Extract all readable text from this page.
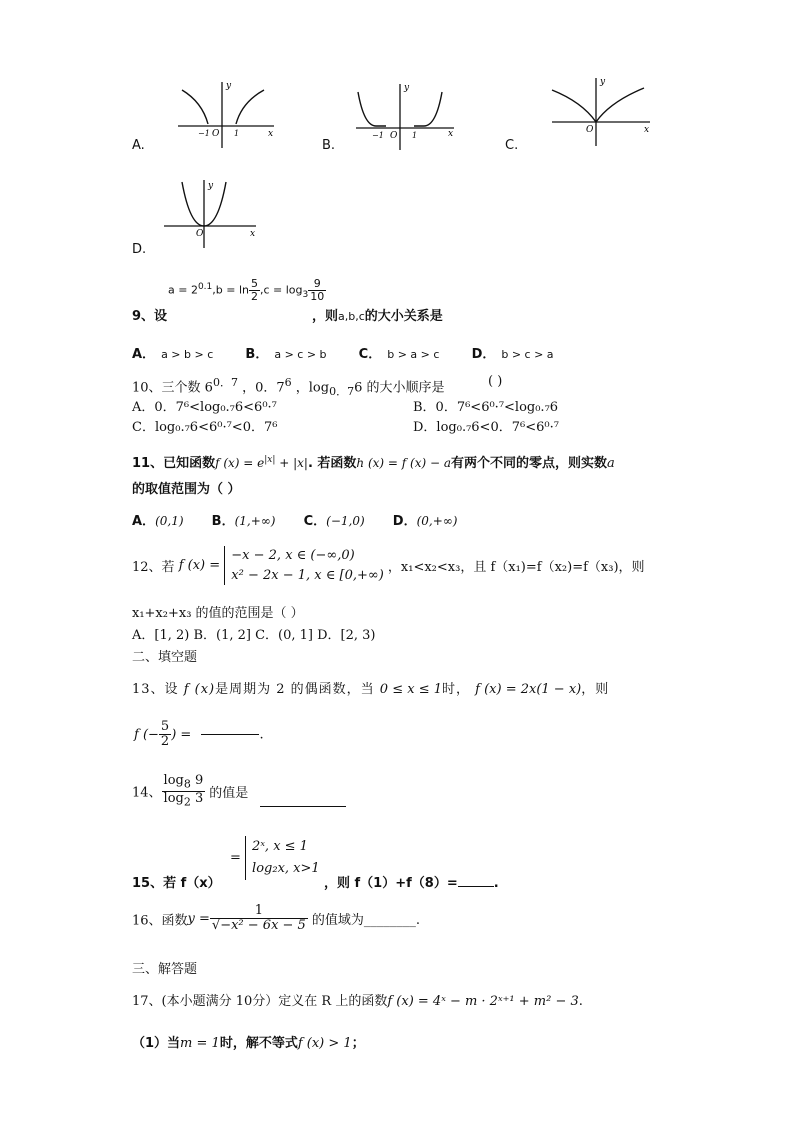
y
x
O
−1	1
A.
y
x
O
−1	1
B.
y
x
O
C.
y
x
O
D.
9、设
$a = 2^{0.1},b = \ln \frac{5}{2} ,c = \log_3 \frac{9}{10}$
，则a,b,c的大小关系是
A． a > b > c B． a > c > b C． b > a > c D． b > c > a
10、三个数 $6^{0.7}$ ，0．$7^6$ ，$\log_{0.7}6$ 的大小顺序是	( )
A．0．7⁶<log₀.₇6<6⁰·⁷	B．0．7⁶<6⁰·⁷<log₀.₇6
C．log₀.₇6<6⁰·⁷<0．7⁶	D．log₀.₇6<0．7⁶<6⁰·⁷
11、已知函数f $(x) = e^{|x|} + |x|$. 若函数h (x) = f (x) − a有两个不同的零点，则实数a
的取值范围为（ ）
A．(0,1) B．(1,+∞) C．(−1,0) D．(0,+∞)
12、若 f (x) =
−x − 2, x ∈ (−∞,0)
x² − 2x − 1, x ∈ [0,+∞) ，x₁<x₂<x₃，且 f（x₁)=f（x₂)=f（x₃)，则
x₁+x₂+x₃ 的值的范围是（ ）
A．[1, 2) B．(1, 2] C．(0, 1] D．[2, 3)
二、填空题
13、设 f (x)是周期为 2 的偶函数，当 0 ≤ x ≤ 1时， f (x) = 2x(1 − x)，则
f (− $\frac{5}{2}$ ) =	.
14、 $\frac{\log_8 9}{\log_2 3}$ 的值是
=
2ˣ, x ≤ 1
log₂x, x>1
15、若 f（x）	，则 f（1）+f（8）=	.
16、函数$y = \frac{1}{\text{√−x² − 6x − 5}}$ 的值域为________.
三、解答题
17、(本小题满分 10分）定义在 R 上的函数f (x) = 4ˣ − m · 2ˣ⁺¹ + m² − 3.
（1）当m = 1时，解不等式f (x) > 1；
